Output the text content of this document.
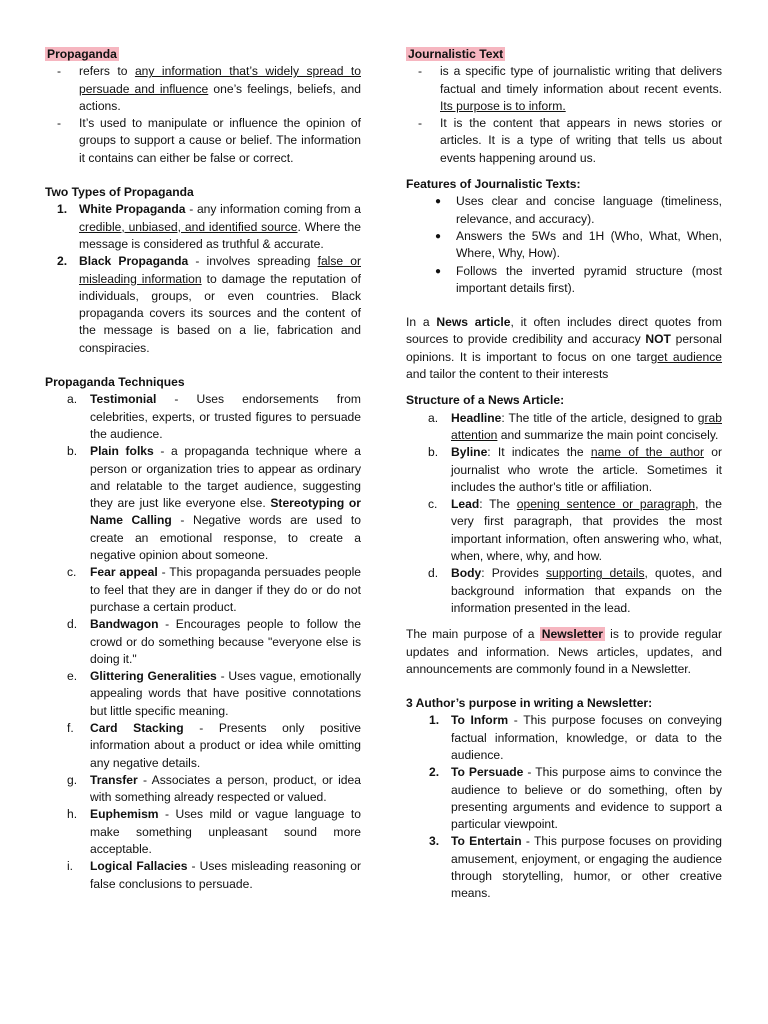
Propaganda

- refers to any information that’s widely spread to persuade and influence one’s feelings, beliefs, and actions.
- It’s used to manipulate or influence the opinion of groups to support a cause or belief. The information it contains can either be false or correct.

Two Types of Propaganda

1. White Propaganda - any information coming from a credible, unbiased, and identified source. Where the message is considered as truthful & accurate.
2. Black Propaganda - involves spreading false or misleading information to damage the reputation of individuals, groups, or even countries. Black propaganda covers its sources and the content of the message is based on a lie, fabrication and conspiracies.

Propaganda Techniques

a. Testimonial - Uses endorsements from celebrities, experts, or trusted figures to persuade the audience.
b. Plain folks - a propaganda technique where a person or organization tries to appear as ordinary and relatable to the target audience, suggesting they are just like everyone else. Stereotyping or Name Calling - Negative words are used to create an emotional response, to create a negative opinion about someone.
c. Fear appeal - This propaganda persuades people to feel that they are in danger if they do or do not purchase a certain product.
d. Bandwagon - Encourages people to follow the crowd or do something because "everyone else is doing it."
e. Glittering Generalities - Uses vague, emotionally appealing words that have positive connotations but little specific meaning.
f. Card Stacking - Presents only positive information about a product or idea while omitting any negative details.
g. Transfer - Associates a person, product, or idea with something already respected or valued.
h. Euphemism - Uses mild or vague language to make something unpleasant sound more acceptable.
i. Logical Fallacies - Uses misleading reasoning or false conclusions to persuade.

Journalistic Text

- is a specific type of journalistic writing that delivers factual and timely information about recent events. Its purpose is to inform.
- It is the content that appears in news stories or articles. It is a type of writing that tells us about events happening around us.

Features of Journalistic Texts:

● Uses clear and concise language (timeliness, relevance, and accuracy).
● Answers the 5Ws and 1H (Who, What, When, Where, Why, How).
● Follows the inverted pyramid structure (most important details first).

In a News article, it often includes direct quotes from sources to provide credibility and accuracy NOT personal opinions. It is important to focus on one target audience and tailor the content to their interests

Structure of a News Article:

a. Headline: The title of the article, designed to grab attention and summarize the main point concisely.
b. Byline: It indicates the name of the author or journalist who wrote the article. Sometimes it includes the author's title or affiliation.
c. Lead: The opening sentence or paragraph, the very first paragraph, that provides the most important information, often answering who, what, when, where, why, and how.
d. Body: Provides supporting details, quotes, and background information that expands on the information presented in the lead.

The main purpose of a Newsletter is to provide regular updates and information. News articles, updates, and announcements are commonly found in a Newsletter.

3 Author’s purpose in writing a Newsletter:

1. To Inform - This purpose focuses on conveying factual information, knowledge, or data to the audience.
2. To Persuade - This purpose aims to convince the audience to believe or do something, often by presenting arguments and evidence to support a particular viewpoint.
3. To Entertain - This purpose focuses on providing amusement, enjoyment, or engaging the audience through storytelling, humor, or other creative means.
